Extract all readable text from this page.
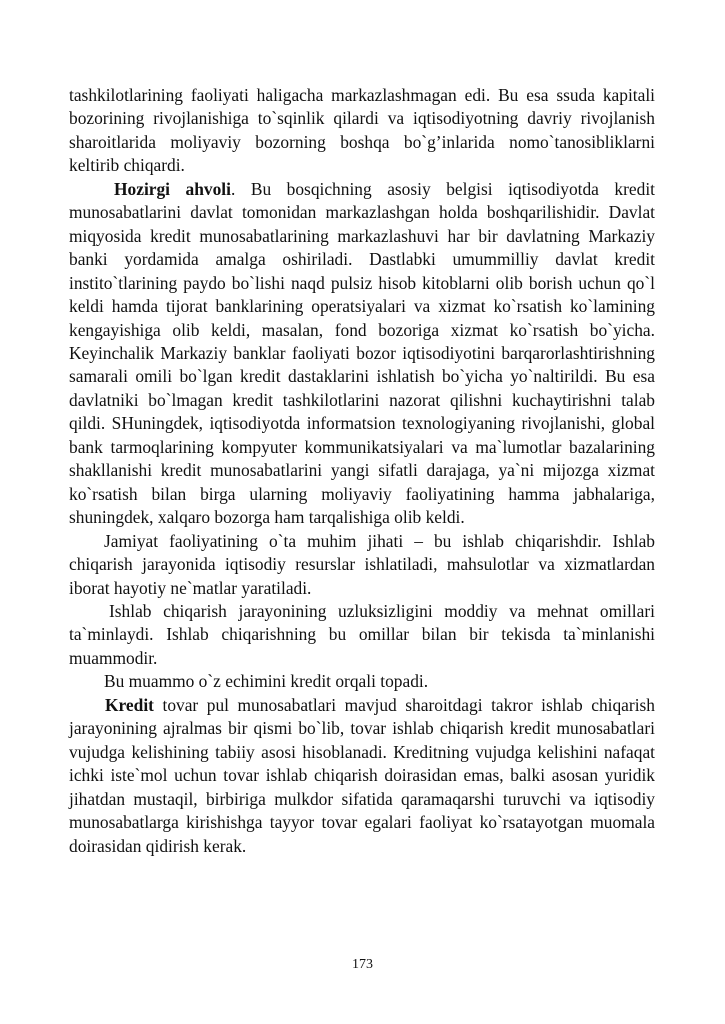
tashkilotlarining faoliyati haligacha markazlashmagan edi. Bu esa ssuda kapitali bozorining rivojlanishiga to`sqinlik qilardi va iqtisodiyotning davriy rivojlanish sharoitlarida moliyaviy bozorning boshqa bo`g’inlarida nomo`tanosibliklarni keltirib chiqardi.

Hozirgi ahvoli. Bu bosqichning asosiy belgisi iqtisodiyotda kredit munosabatlarini davlat tomonidan markazlashgan holda boshqarilishidir. Davlat miqyosida kredit munosabatlarining markazlashuvi har bir davlatning Markaziy banki yordamida amalga oshiriladi. Dastlabki umummilliy davlat kredit instito`tlarining paydo bo`lishi naqd pulsiz hisob kitoblarni olib borish uchun qo`l keldi hamda tijorat banklarining operatsiyalari va xizmat ko`rsatish ko`lamining kengayishiga olib keldi, masalan, fond bozoriga xizmat ko`rsatish bo`yicha. Keyinchalik Markaziy banklar faoliyati bozor iqtisodiyotini barqarorlashtirishning samarali omili bo`lgan kredit dastaklarini ishlatish bo`yicha yo`naltirildi. Bu esa davlatniki bo`lmagan kredit tashkilotlarini nazorat qilishni kuchaytirishni talab qildi. SHuningdek, iqtisodiyotda informatsion texnologiyaning rivojlanishi, global bank tarmoqlarining kompyuter kommunikatsiyalari va ma`lumotlar bazalarining shakllanishi kredit munosabatlarini yangi sifatli darajaga, ya`ni mijozga xizmat ko`rsatish bilan birga ularning moliyaviy faoliyatining hamma jabhalariga, shuningdek, xalqaro bozorga ham tarqalishiga olib keldi.

Jamiyat faoliyatining o`ta muhim jihati – bu ishlab chiqarishdir. Ishlab chiqarish jarayonida iqtisodiy resurslar ishlatiladi, mahsulotlar va xizmatlardan iborat hayotiy ne`matlar yaratiladi.

Ishlab chiqarish jarayonining uzluksizligini moddiy va mehnat omillari ta`minlaydi. Ishlab chiqarishning bu omillar bilan bir tekisda ta`minlanishi muammodir.

Bu muammo o`z echimini kredit orqali topadi.

Kredit tovar pul munosabatlari mavjud sharoitdagi takror ishlab chiqarish jarayonining ajralmas bir qismi bo`lib, tovar ishlab chiqarish kredit munosabatlari vujudga kelishining tabiiy asosi hisoblanadi. Kreditning vujudga kelishini nafaqat ichki iste`mol uchun tovar ishlab chiqarish doirasidan emas, balki asosan yuridik jihatdan mustaqil, birbiriga mulkdor sifatida qaramaqarshi turuvchi va iqtisodiy munosabatlarga kirishishga tayyor tovar egalari faoliyat ko`rsatayotgan muomala doirasidan qidirish kerak.

173
